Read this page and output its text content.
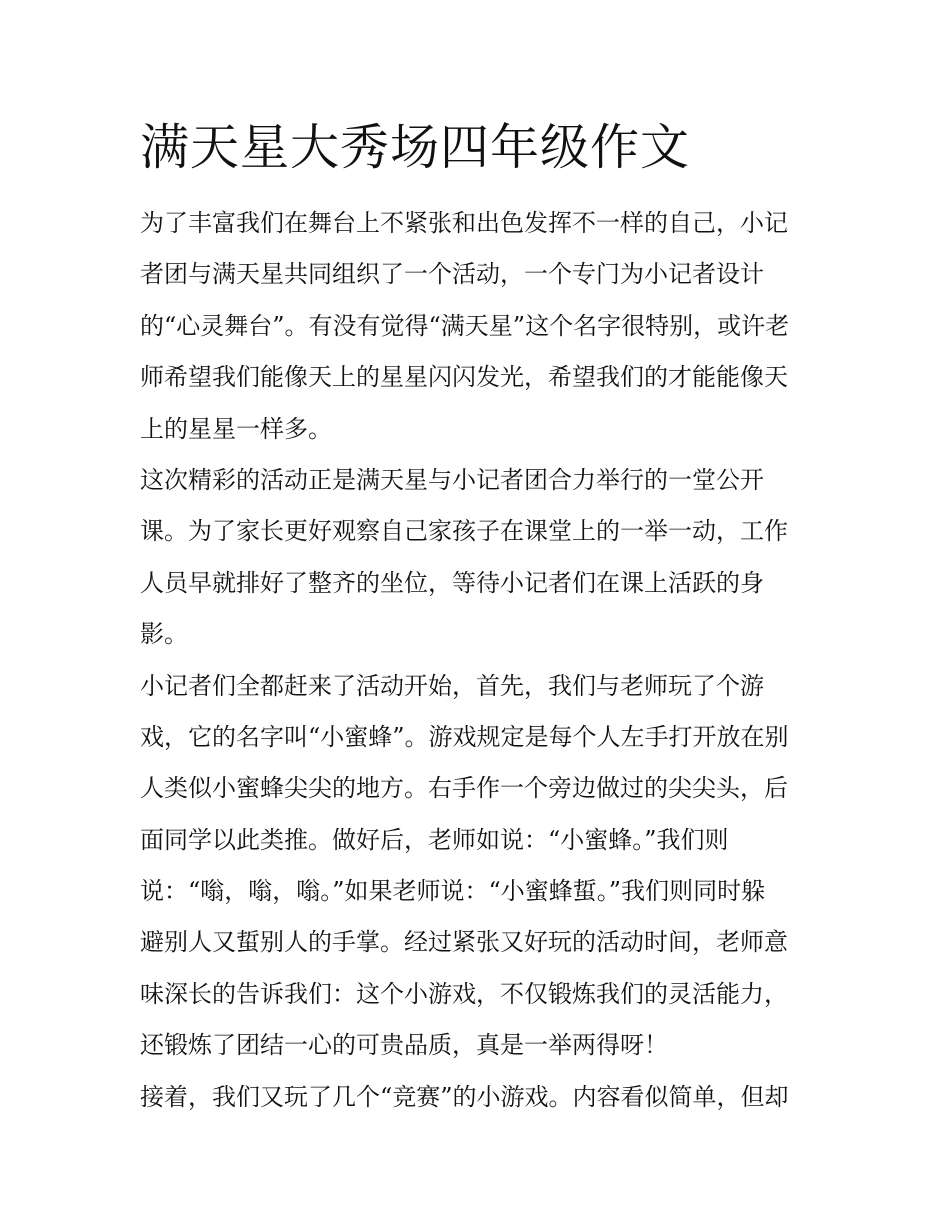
满天星大秀场四年级作文
为了丰富我们在舞台上不紧张和出色发挥不一样的自己，小记
者团与满天星共同组织了一个活动，一个专门为小记者设计
的“心灵舞台”。有没有觉得“满天星”这个名字很特别，或许老
师希望我们能像天上的星星闪闪发光，希望我们的才能能像天
上的星星一样多。
这次精彩的活动正是满天星与小记者团合力举行的一堂公开
课。为了家长更好观察自己家孩子在课堂上的一举一动，工作
人员早就排好了整齐的坐位，等待小记者们在课上活跃的身
影。
小记者们全都赶来了活动开始，首先，我们与老师玩了个游
戏，它的名字叫“小蜜蜂”。游戏规定是每个人左手打开放在别
人类似小蜜蜂尖尖的地方。右手作一个旁边做过的尖尖头，后
面同学以此类推。做好后，老师如说：“小蜜蜂。”我们则
说：“嗡，嗡，嗡。”如果老师说：“小蜜蜂蜇。”我们则同时躲
避别人又蜇别人的手掌。经过紧张又好玩的活动时间，老师意
味深长的告诉我们：这个小游戏，不仅锻炼我们的灵活能力，
还锻炼了团结一心的可贵品质，真是一举两得呀！
接着，我们又玩了几个“竞赛”的小游戏。内容看似简单，但却
